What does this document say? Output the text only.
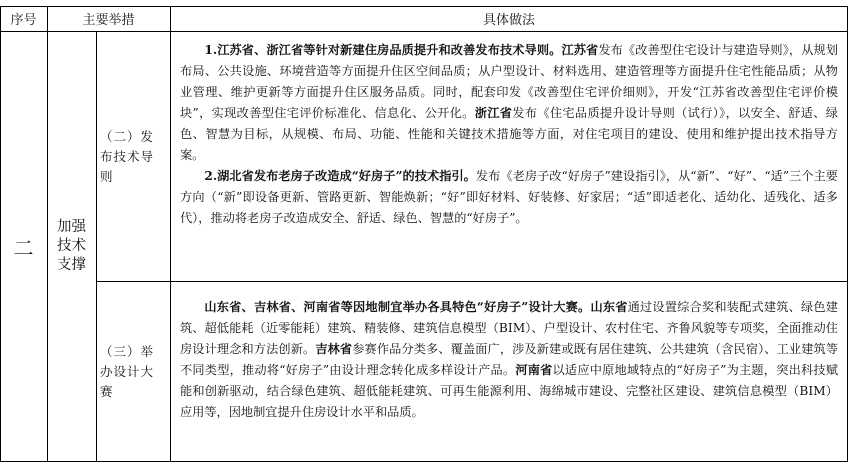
序号	主要举措	具体做法
二
加强技术支撑
（二）发布技术导则

1.江苏省、浙江省等针对新建住房品质提升和改善发布技术导则。江苏省发布《改善型住宅设计与建造导则》，从规划布局、公共设施、环境营造等方面提升住区空间品质；从户型设计、材料选用、建造管理等方面提升住宅性能品质；从物业管理、维护更新等方面提升住区服务品质。同时，配套印发《改善型住宅评价细则》，开发“江苏省改善型住宅评价模块”，实现改善型住宅评价标准化、信息化、公开化。浙江省发布《住宅品质提升设计导则（试行）》，以安全、舒适、绿色、智慧为目标，从规模、布局、功能、性能和关键技术措施等方面，对住宅项目的建设、使用和维护提出技术指导方案。

2.湖北省发布老房子改造成“好房子”的技术指引。发布《老房子改“好房子”建设指引》，从“新”、“好”、“适”三个主要方向（“新”即设备更新、管路更新、智能焕新；“好”即好材料、好装修、好家居；“适”即适老化、适幼化、适残化、适多代），推动将老房子改造成安全、舒适、绿色、智慧的“好房子”。

（三）举办设计大赛

山东省、吉林省、河南省等因地制宜举办各具特色“好房子”设计大赛。山东省通过设置综合奖和装配式建筑、绿色建筑、超低能耗（近零能耗）建筑、精装修、建筑信息模型（BIM）、户型设计、农村住宅、齐鲁风貌等专项奖，全面推动住房设计理念和方法创新。吉林省参赛作品分类多、覆盖面广，涉及新建或既有居住建筑、公共建筑（含民宿）、工业建筑等不同类型，推动将“好房子”由设计理念转化成多样设计产品。河南省以适应中原地域特点的“好房子”为主题，突出科技赋能和创新驱动，结合绿色建筑、超低能耗建筑、可再生能源利用、海绵城市建设、完整社区建设、建筑信息模型（BIM）应用等，因地制宜提升住房设计水平和品质。
